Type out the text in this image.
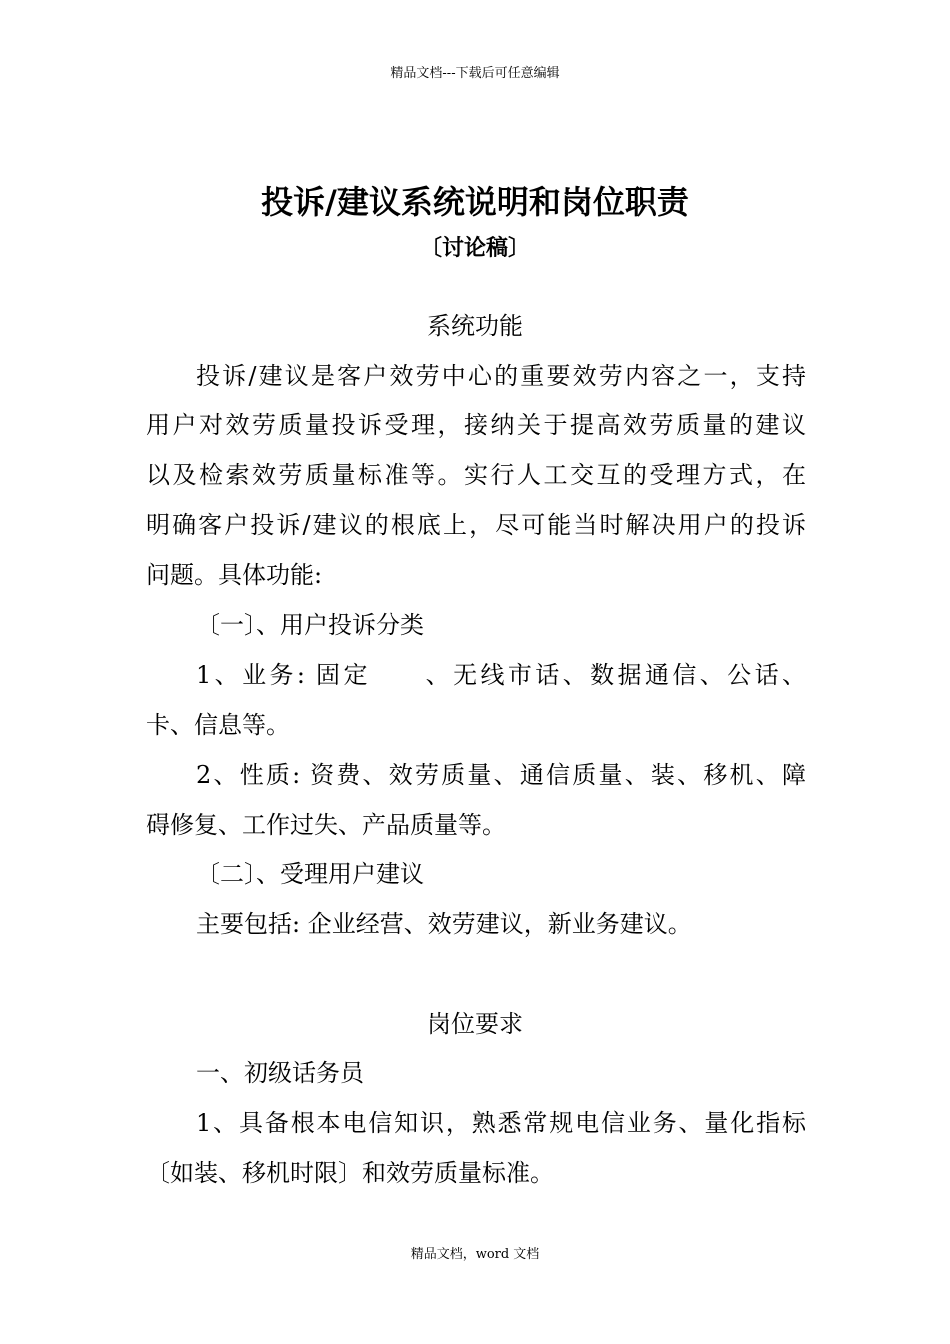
精品文档---下载后可任意编辑
投诉/建议系统说明和岗位职责
〔讨论稿〕
系统功能
投诉/建议是客户效劳中心的重要效劳内容之一，支持
用户对效劳质量投诉受理，接纳关于提高效劳质量的建议
以及检索效劳质量标准等。实行人工交互的受理方式，在
明确客户投诉/建议的根底上，尽可能当时解决用户的投诉
问题。具体功能:
〔一〕、用户投诉分类
1、业务: 固定　　、无线市话、数据通信、公话、
卡、信息等。
2、性质: 资费、效劳质量、通信质量、装、移机、障
碍修复、工作过失、产品质量等。
〔二〕、受理用户建议
主要包括: 企业经营、效劳建议，新业务建议。
岗位要求
一、初级话务员
1、具备根本电信知识，熟悉常规电信业务、量化指标
〔如装、移机时限〕和效劳质量标准。
精品文档，word 文档
